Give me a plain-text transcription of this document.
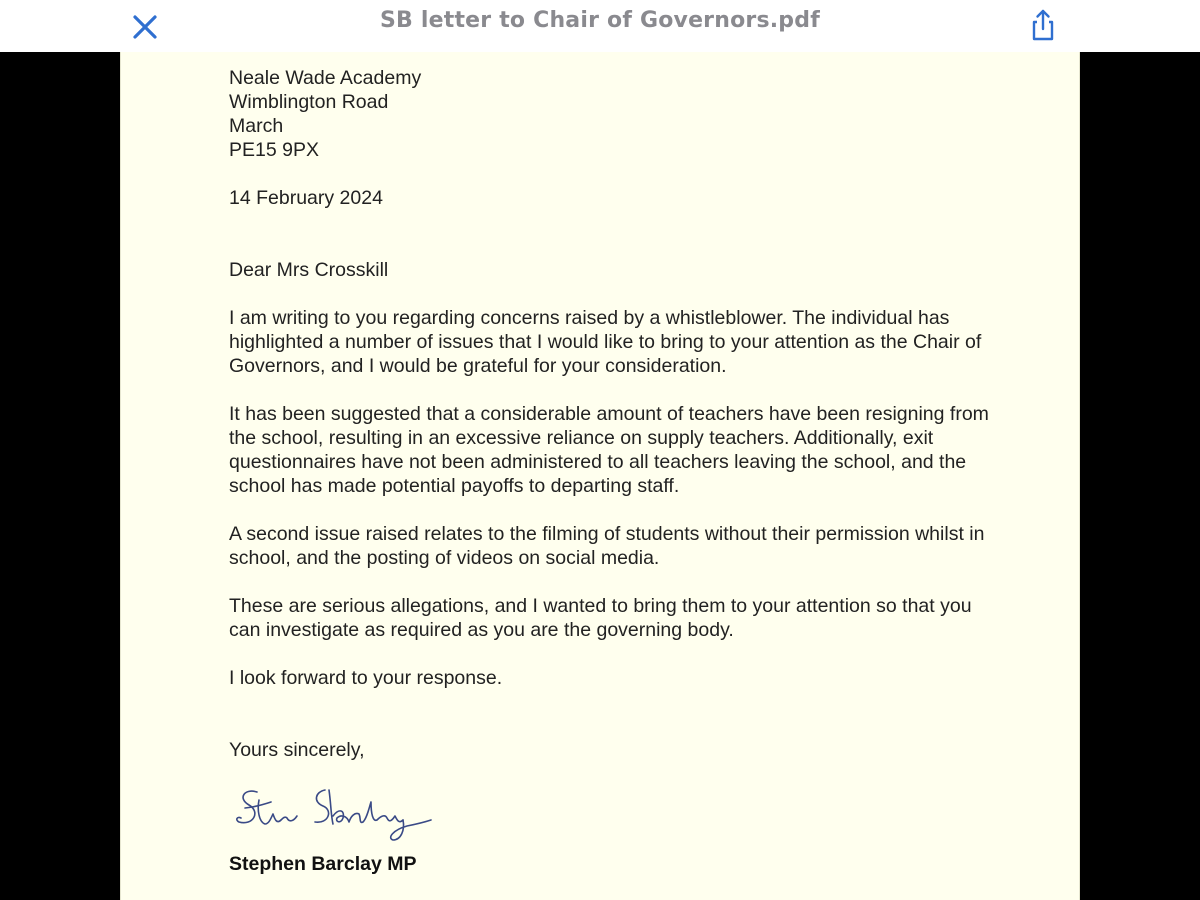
SB letter to Chair of Governors.pdf

Neale Wade Academy
Wimblington Road
March
PE15 9PX

14 February 2024

Dear Mrs Crosskill

I am writing to you regarding concerns raised by a whistleblower. The individual has highlighted a number of issues that I would like to bring to your attention as the Chair of Governors, and I would be grateful for your consideration.

It has been suggested that a considerable amount of teachers have been resigning from the school, resulting in an excessive reliance on supply teachers. Additionally, exit questionnaires have not been administered to all teachers leaving the school, and the school has made potential payoffs to departing staff.

A second issue raised relates to the filming of students without their permission whilst in school, and the posting of videos on social media.

These are serious allegations, and I wanted to bring them to your attention so that you can investigate as required as you are the governing body.

I look forward to your response.

Yours sincerely,

Stephen Barclay MP
